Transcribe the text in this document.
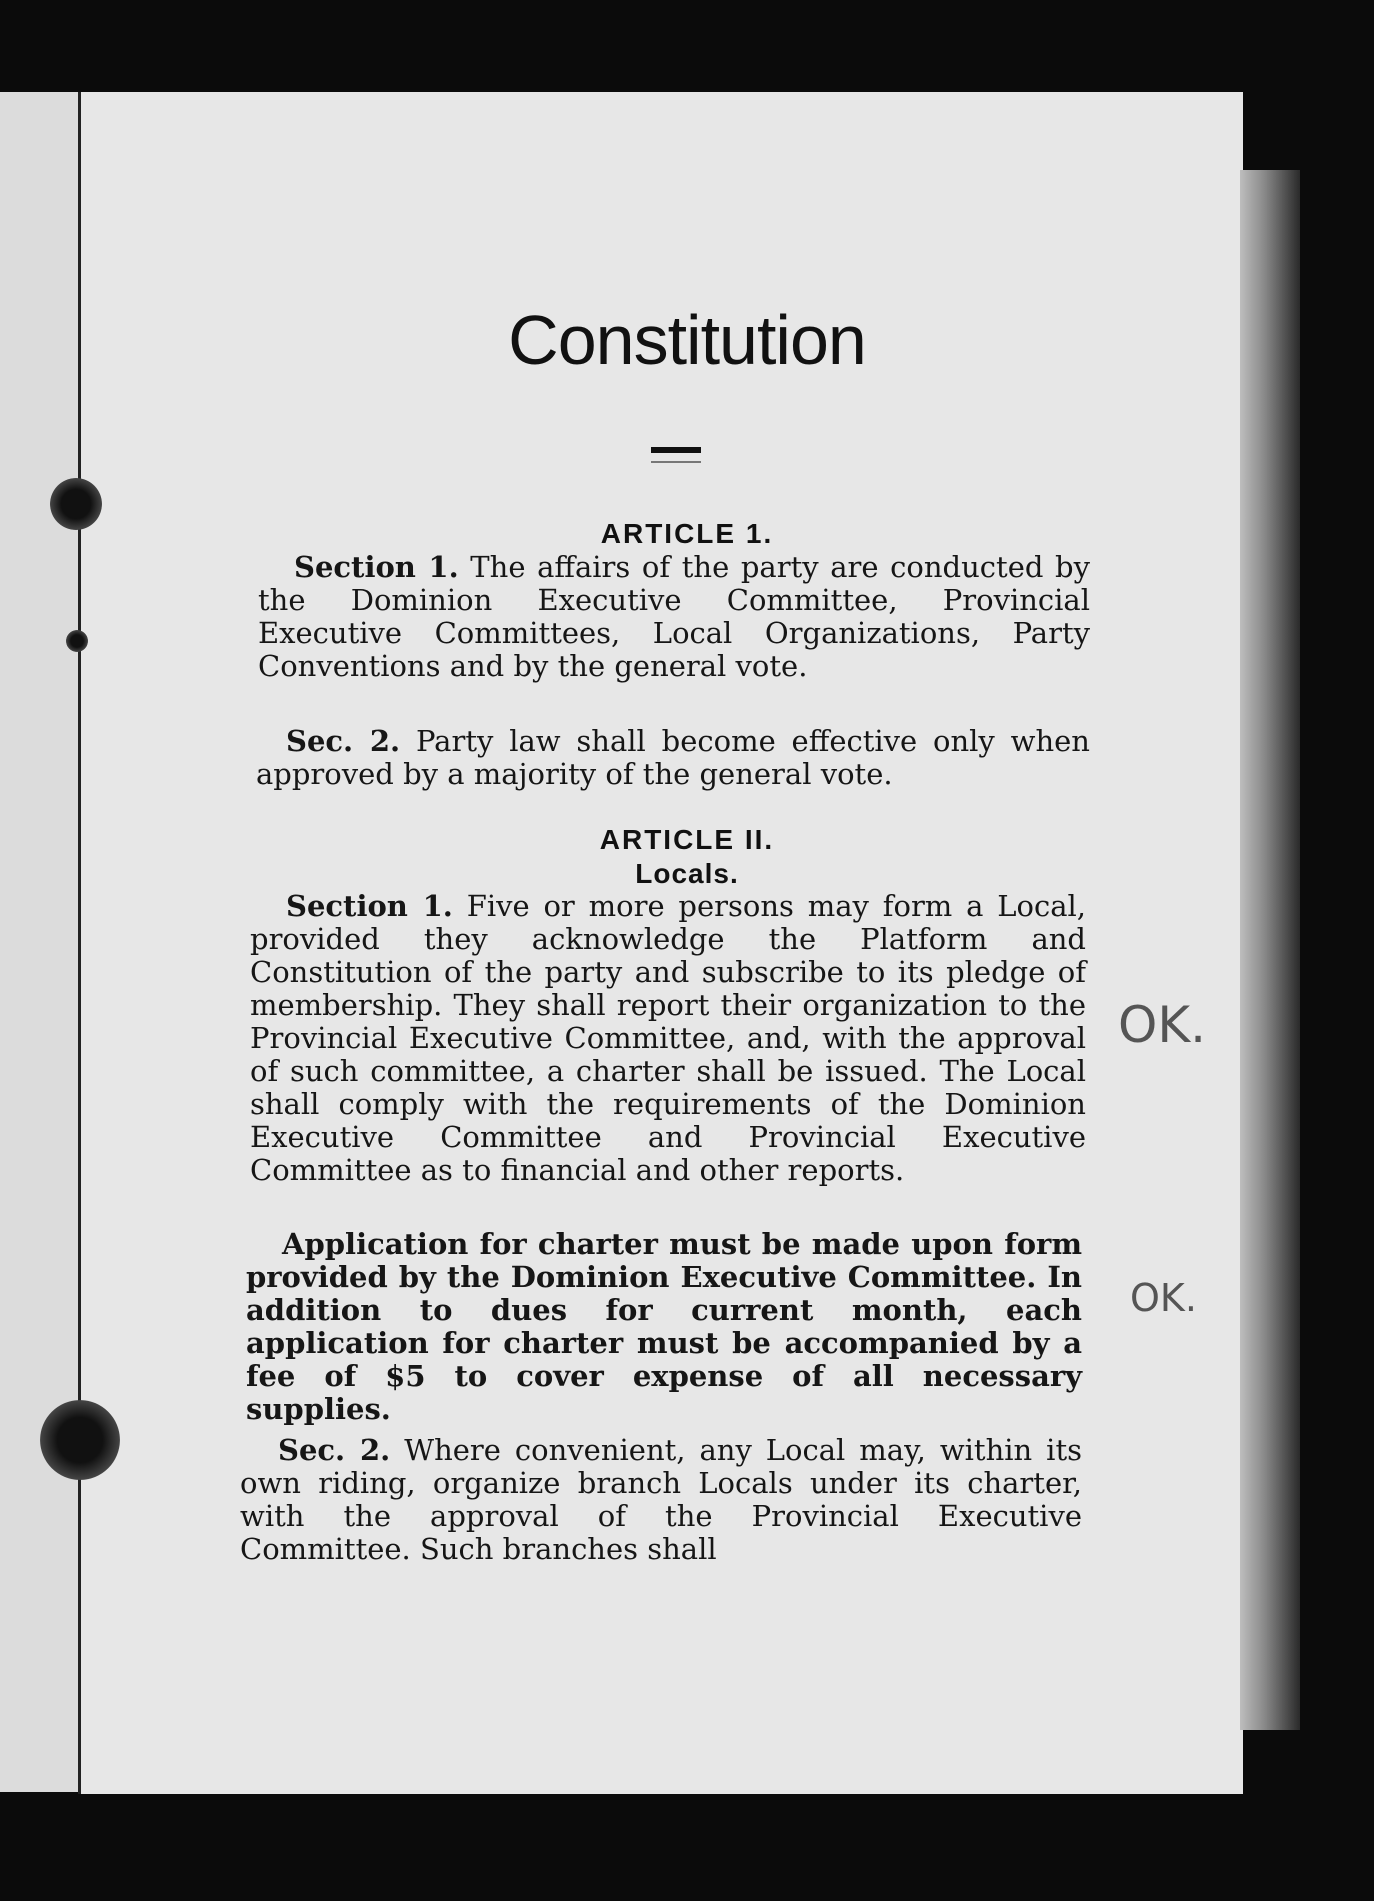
Constitution
ARTICLE 1.

Section 1. The affairs of the party are conducted by the Dominion Executive Committee, Provincial Executive Committees, Local Organizations, Party Conventions and by the general vote.

Sec. 2. Party law shall become effective only when approved by a majority of the general vote.

ARTICLE II.
Locals.

Section 1. Five or more persons may form a Local, provided they acknowledge the Platform and Constitution of the party and subscribe to its pledge of membership. They shall report their organization to the Provincial Executive Committee, and, with the approval of such committee, a charter shall be issued. The Local shall comply with the requirements of the Dominion Executive Committee and Provincial Executive Committee as to financial and other reports.

Application for charter must be made upon form provided by the Dominion Executive Committee. In addition to dues for current month, each application for charter must be accompanied by a fee of $5 to cover expense of all necessary supplies.

Sec. 2. Where convenient, any Local may, within its own riding, organize branch Locals under its charter, with the approval of the Provincial Executive Committee. Such branches shall

OK.
OK.
